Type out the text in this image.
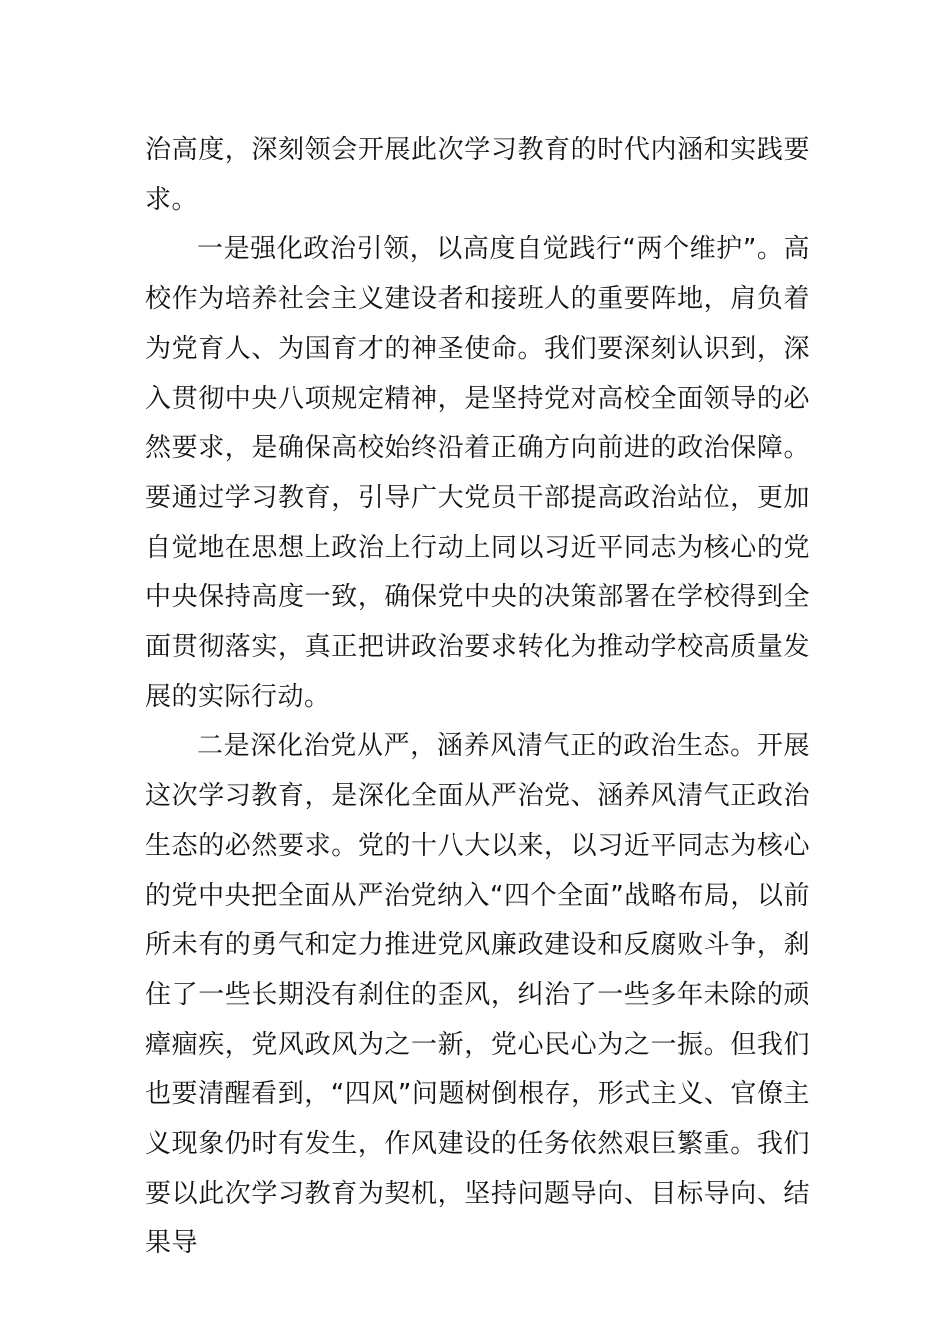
治高度，深刻领会开展此次学习教育的时代内涵和实践要求。

一是强化政治引领，以高度自觉践行“两个维护”。高校作为培养社会主义建设者和接班人的重要阵地，肩负着为党育人、为国育才的神圣使命。我们要深刻认识到，深入贯彻中央八项规定精神，是坚持党对高校全面领导的必然要求，是确保高校始终沿着正确方向前进的政治保障。要通过学习教育，引导广大党员干部提高政治站位，更加自觉地在思想上政治上行动上同以习近平同志为核心的党中央保持高度一致，确保党中央的决策部署在学校得到全面贯彻落实，真正把讲政治要求转化为推动学校高质量发展的实际行动。

二是深化治党从严，涵养风清气正的政治生态。开展这次学习教育，是深化全面从严治党、涵养风清气正政治生态的必然要求。党的十八大以来，以习近平同志为核心的党中央把全面从严治党纳入“四个全面”战略布局，以前所未有的勇气和定力推进党风廉政建设和反腐败斗争，刹住了一些长期没有刹住的歪风，纠治了一些多年未除的顽瘴痼疾，党风政风为之一新，党心民心为之一振。但我们也要清醒看到，“四风”问题树倒根存，形式主义、官僚主义现象仍时有发生，作风建设的任务依然艰巨繁重。我们要以此次学习教育为契机，坚持问题导向、目标导向、结果导
